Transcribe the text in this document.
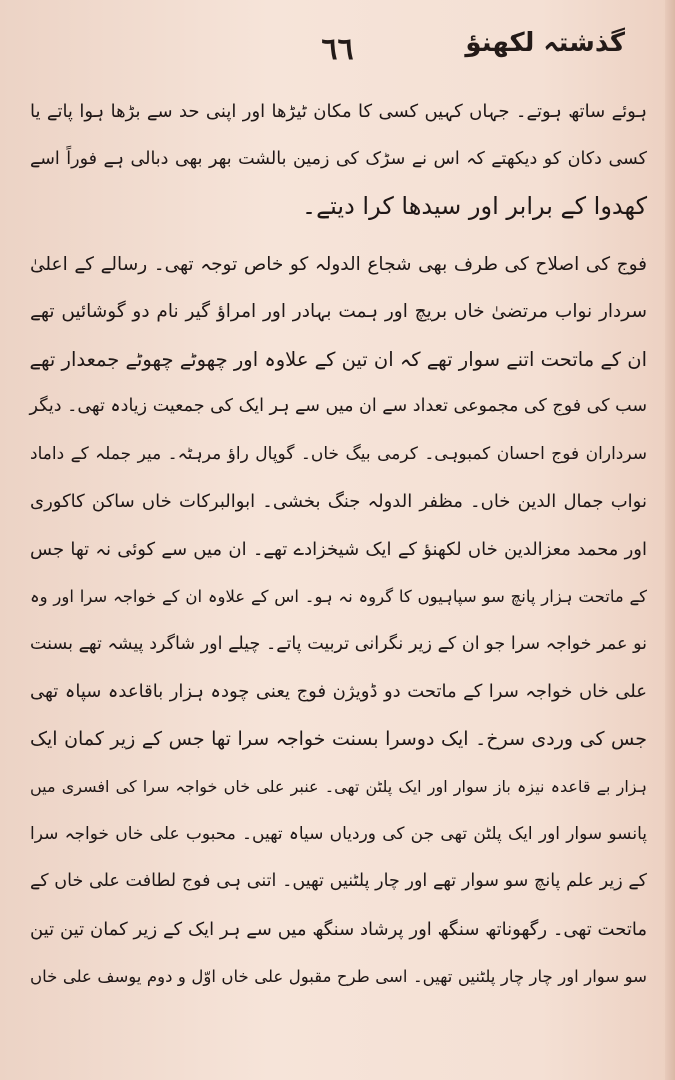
٦٦	گذشتہ لکھنؤ
ہوئے ساتھ ہوتے۔ جہاں کہیں کسی کا مکان ٹیڑھا اور اپنی حد سے بڑھا ہوا پاتے یا
کسی دکان کو دیکھتے کہ اس نے سڑک کی زمین بالشت بھر بھی دبالی ہے فوراً اسے
کھدوا کے برابر اور سیدھا کرا دیتے۔
فوج کی اصلاح کی طرف بھی شجاع الدولہ کو خاص توجہ تھی۔ رسالے کے اعلیٰ
سردار نواب مرتضیٰ خاں بریچ اور ہمت بہادر اور امراؤ گیر نام دو گوشائیں تھے
ان کے ماتحت اتنے سوار تھے کہ ان تین کے علاوہ اور چھوٹے چھوٹے جمعدار تھے
سب کی فوج کی مجموعی تعداد سے ان میں سے ہر ایک کی جمعیت زیادہ تھی۔ دیگر
سرداران فوج احسان کمبوہی۔ کرمی بیگ خاں۔ گوپال راؤ مرہٹہ۔ میر جملہ کے داماد
نواب جمال الدین خاں۔ مظفر الدولہ جنگ بخشی۔ ابوالبرکات خاں ساکن کاکوری
اور محمد معزالدین خاں لکھنؤ کے ایک شیخزادے تھے۔ ان میں سے کوئی نہ تھا جس
کے ماتحت ہزار پانچ سو سپاہیوں کا گروہ نہ ہو۔ اس کے علاوہ ان کے خواجہ سرا اور وہ
نو عمر خواجہ سرا جو ان کے زیر نگرانی تربیت پاتے۔ چیلے اور شاگرد پیشہ تھے بسنت
علی خاں خواجہ سرا کے ماتحت دو ڈویژن فوج یعنی چودہ ہزار باقاعدہ سپاہ تھی
جس کی وردی سرخ۔ ایک دوسرا بسنت خواجہ سرا تھا جس کے زیر کمان ایک
ہزار بے قاعدہ نیزہ باز سوار اور ایک پلٹن تھی۔ عنبر علی خاں خواجہ سرا کی افسری میں
پانسو سوار اور ایک پلٹن تھی جن کی وردیاں سیاہ تھیں۔ محبوب علی خاں خواجہ سرا
کے زیر علم پانچ سو سوار تھے اور چار پلٹنیں تھیں۔ اتنی ہی فوج لطافت علی خاں کے
ماتحت تھی۔ رگھوناتھ سنگھ اور پرشاد سنگھ میں سے ہر ایک کے زیر کمان تین تین
سو سوار اور چار چار پلٹنیں تھیں۔ اسی طرح مقبول علی خاں اوّل و دوم یوسف علی خاں
